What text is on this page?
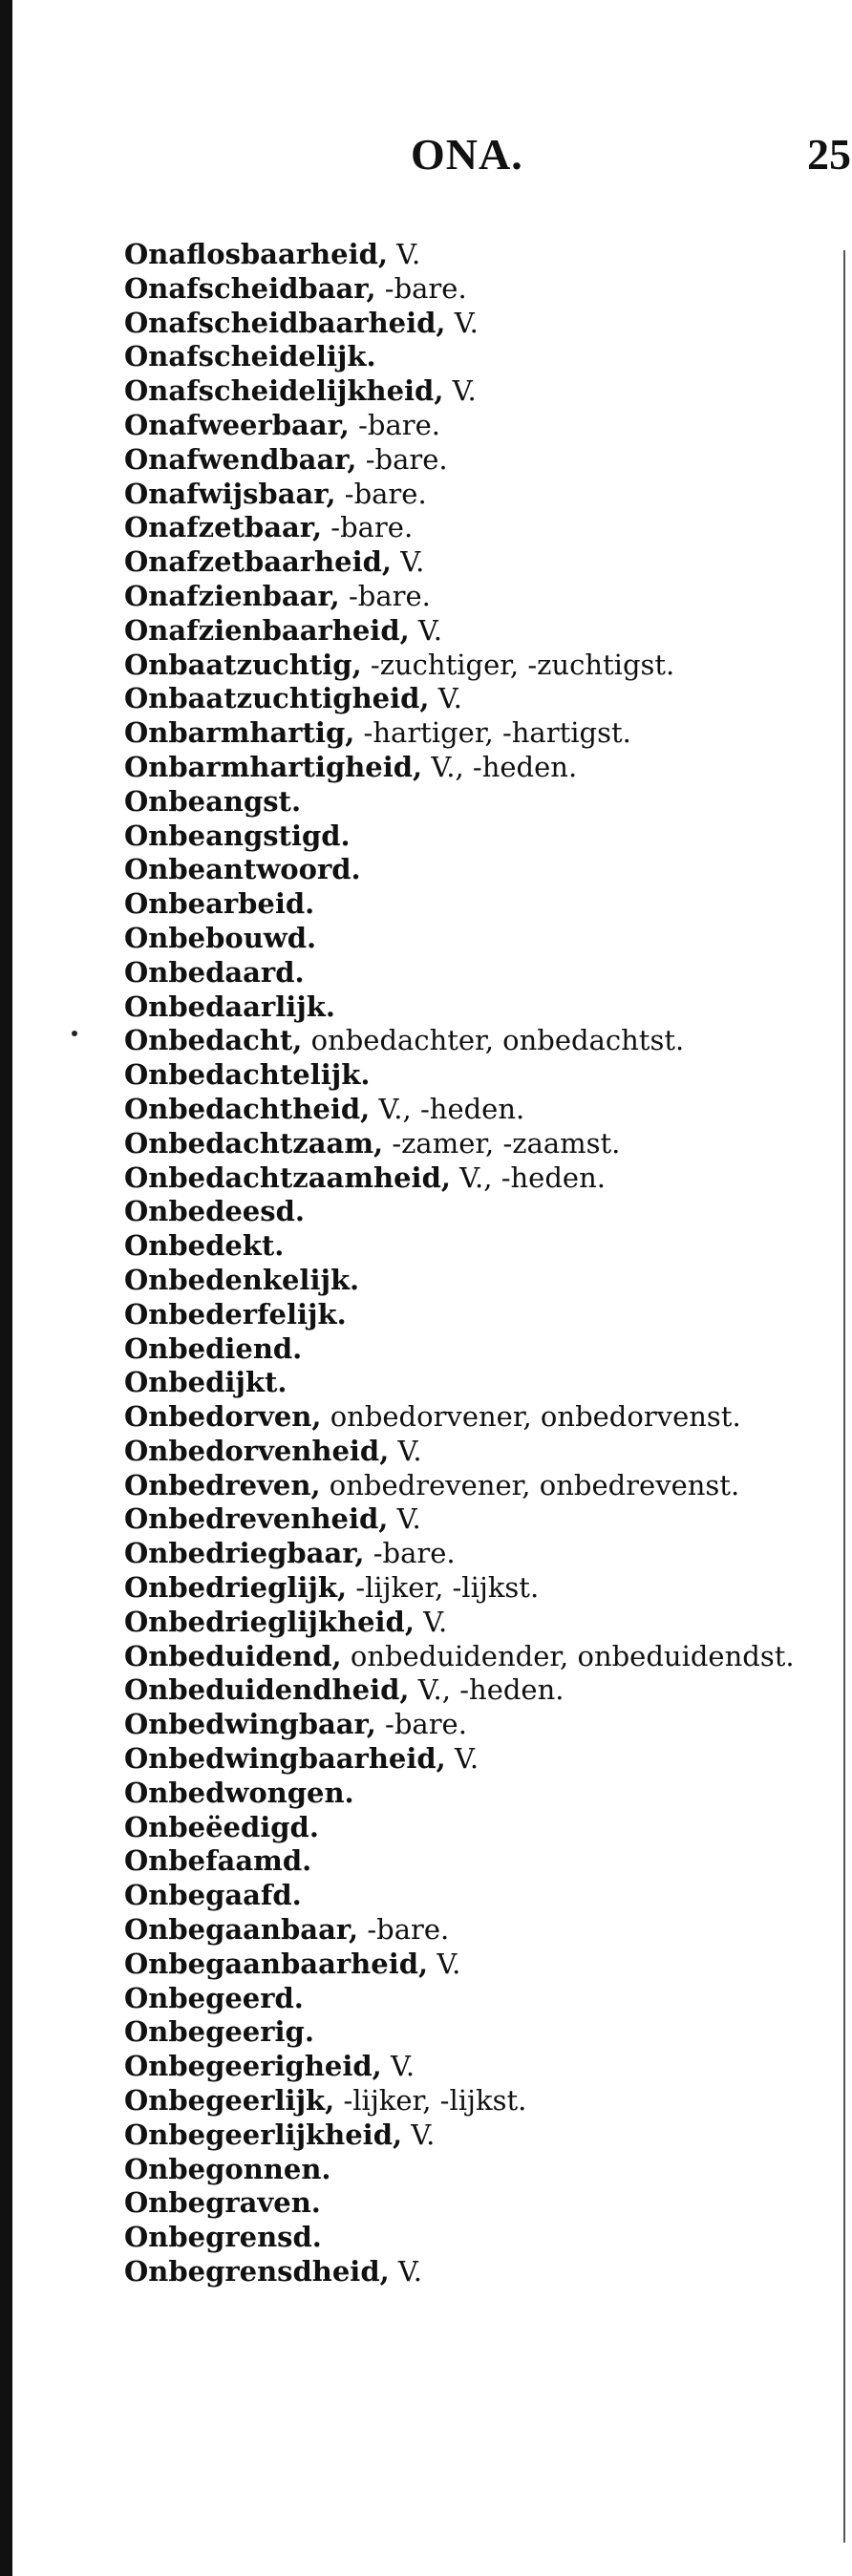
ONA.	25
Onaflosbaarheid, V.
Onafscheidbaar, -bare.
Onafscheidbaarheid, V.
Onafscheidelijk.
Onafscheidelijkheid, V.
Onafweerbaar, -bare.
Onafwendbaar, -bare.
Onafwijsbaar, -bare.
Onafzetbaar, -bare.
Onafzetbaarheid, V.
Onafzienbaar, -bare.
Onafzienbaarheid, V.
Onbaatzuchtig, -zuchtiger, -zuchtigst.
Onbaatzuchtigheid, V.
Onbarmhartig, -hartiger, -hartigst.
Onbarmhartigheid, V., -heden.
Onbeangst.
Onbeangstigd.
Onbeantwoord.
Onbearbeid.
Onbebouwd.
Onbedaard.
Onbedaarlijk.
Onbedacht, onbedachter, onbedachtst.
Onbedachtelijk.
Onbedachtheid, V., -heden.
Onbedachtzaam, -zamer, -zaamst.
Onbedachtzaamheid, V., -heden.
Onbedeesd.
Onbedekt.
Onbedenkelijk.
Onbederfelijk.
Onbediend.
Onbedijkt.
Onbedorven, onbedorvener, onbedorvenst.
Onbedorvenheid, V.
Onbedreven, onbedrevener, onbedrevenst.
Onbedrevenheid, V.
Onbedriegbaar, -bare.
Onbedrieglijk, -lijker, -lijkst.
Onbedrieglijkheid, V.
Onbeduidend, onbeduidender, onbeduidendst.
Onbeduidendheid, V., -heden.
Onbedwingbaar, -bare.
Onbedwingbaarheid, V.
Onbedwongen.
Onbeëedigd.
Onbefaamd.
Onbegaafd.
Onbegaanbaar, -bare.
Onbegaanbaarheid, V.
Onbegeerd.
Onbegeerig.
Onbegeerigheid, V.
Onbegeerlijk, -lijker, -lijkst.
Onbegeerlijkheid, V.
Onbegonnen.
Onbegraven.
Onbegrensd.
Onbegrensdheid, V.
